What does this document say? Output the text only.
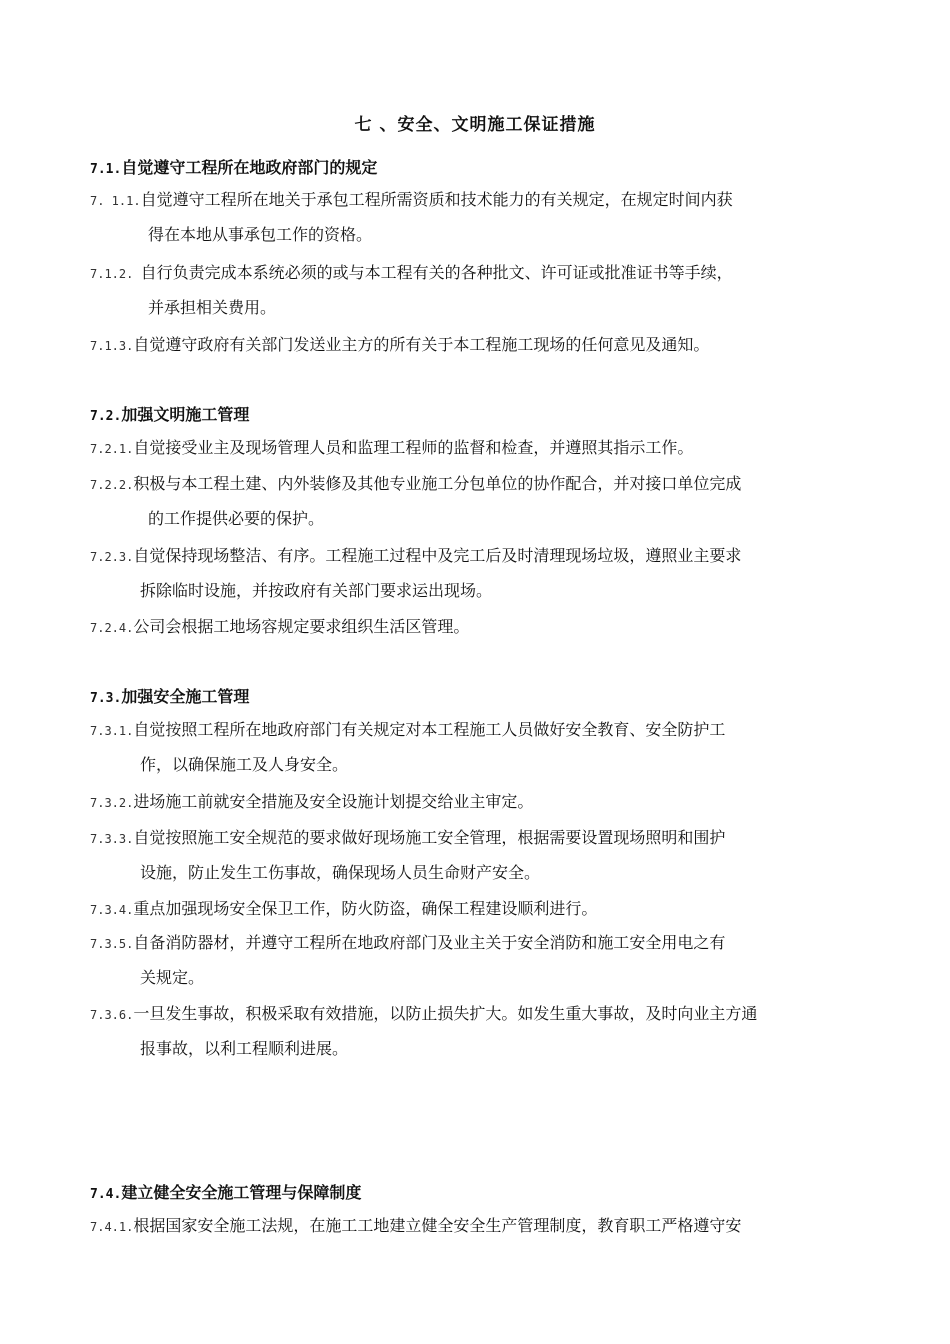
七 、安全、文明施工保证措施
7.1.自觉遵守工程所在地政府部门的规定
7. 1.1.自觉遵守工程所在地关于承包工程所需资质和技术能力的有关规定，在规定时间内获
得在本地从事承包工作的资格。
7.1.2. 自行负责完成本系统必须的或与本工程有关的各种批文、许可证或批准证书等手续，
并承担相关费用。
7.1.3.自觉遵守政府有关部门发送业主方的所有关于本工程施工现场的任何意见及通知。
7.2.加强文明施工管理
7.2.1.自觉接受业主及现场管理人员和监理工程师的监督和检查，并遵照其指示工作。
7.2.2.积极与本工程土建、内外装修及其他专业施工分包单位的协作配合，并对接口单位完成
的工作提供必要的保护。
7.2.3.自觉保持现场整洁、有序。工程施工过程中及完工后及时清理现场垃圾，遵照业主要求
拆除临时设施，并按政府有关部门要求运出现场。
7.2.4.公司会根据工地场容规定要求组织生活区管理。
7.3.加强安全施工管理
7.3.1.自觉按照工程所在地政府部门有关规定对本工程施工人员做好安全教育、安全防护工
作，以确保施工及人身安全。
7.3.2.进场施工前就安全措施及安全设施计划提交给业主审定。
7.3.3.自觉按照施工安全规范的要求做好现场施工安全管理，根据需要设置现场照明和围护
设施，防止发生工伤事故，确保现场人员生命财产安全。
7.3.4.重点加强现场安全保卫工作，防火防盗，确保工程建设顺利进行。
7.3.5.自备消防器材，并遵守工程所在地政府部门及业主关于安全消防和施工安全用电之有
关规定。
7.3.6.一旦发生事故，积极采取有效措施，以防止损失扩大。如发生重大事故，及时向业主方通
报事故，以利工程顺利进展。
7.4.建立健全安全施工管理与保障制度
7.4.1.根据国家安全施工法规，在施工工地建立健全安全生产管理制度，教育职工严格遵守安
